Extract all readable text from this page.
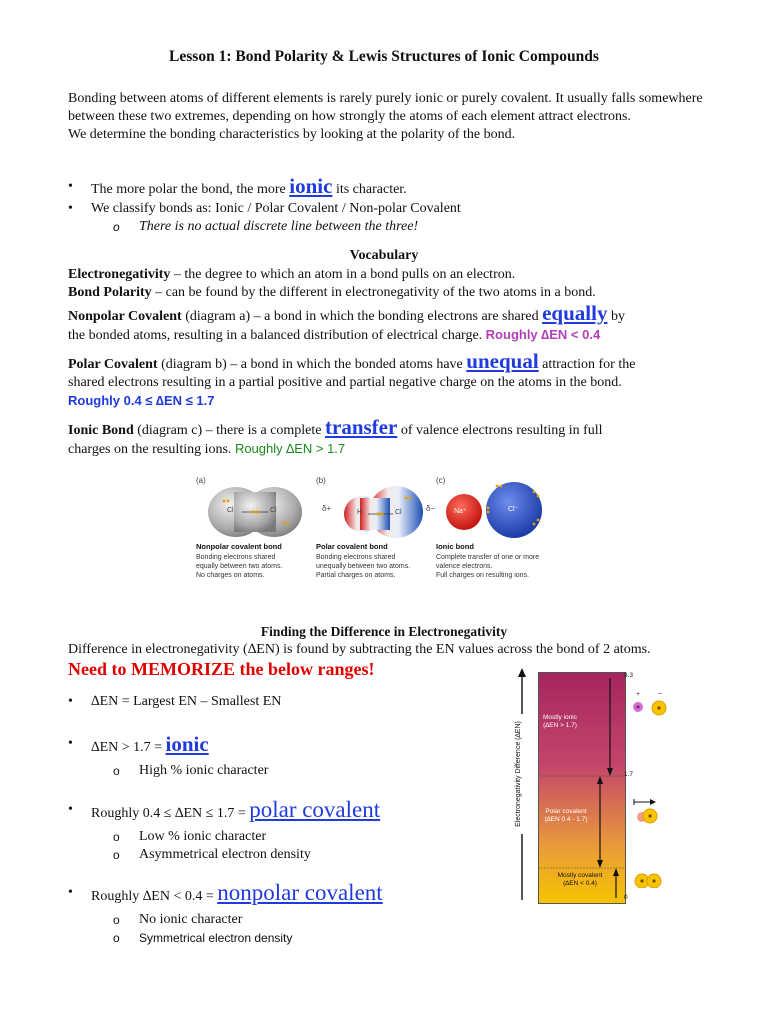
Lesson 1: Bond Polarity & Lewis Structures of Ionic Compounds
Bonding between atoms of different elements is rarely purely ionic or purely covalent. It usually falls somewhere between these two extremes, depending on how strongly the atoms of each element attract electrons.
We determine the bonding characteristics by looking at the polarity of the bond.
• The more polar the bond, the more ionic its character.
• We classify bonds as: Ionic / Polar Covalent / Non-polar Covalent
o There is no actual discrete line between the three!
Vocabulary
Electronegativity – the degree to which an atom in a bond pulls on an electron.
Bond Polarity – can be found by the different in electronegativity of the two atoms in a bond.
Nonpolar Covalent (diagram a) – a bond in which the bonding electrons are shared equally by
the bonded atoms, resulting in a balanced distribution of electrical charge. Roughly ∆EN < 0.4
Polar Covalent (diagram b) – a bond in which the bonded atoms have unequal attraction for the
shared electrons resulting in a partial positive and partial negative charge on the atoms in the bond.
Roughly 0.4 ≤ ∆EN ≤ 1.7
Ionic Bond (diagram c) – there is a complete transfer of valence electrons resulting in full
charges on the resulting ions. Roughly ∆EN > 1.7
(a)
Cl	Cl
Nonpolar covalent bond
Bonding electrons shared
equally between two atoms.
No charges on atoms.
(b)
δ+	H	Cl	δ−
Polar covalent bond
Bonding electrons shared
unequally between two atoms.
Partial charges on atoms.
(c)
Na⁺	Cl⁻
Ionic bond
Complete transfer of one or more
valence electrons.
Full charges on resulting ions.
Finding the Difference in Electronegativity
Difference in electronegativity (∆EN) is found by subtracting the EN values across the bond of 2 atoms.
Need to MEMORIZE the below ranges!
• ∆EN = Largest EN – Smallest EN
• ∆EN > 1.7 = ionic
o High % ionic character
• Roughly 0.4 ≤ ∆EN ≤ 1.7 = polar covalent
o Low % ionic character
o Asymmetrical electron density
• Roughly ∆EN < 0.4 = nonpolar covalent
o No ionic character
o Symmetrical electron density
Electronegativity Difference (∆EN)
Mostly ionic
(∆EN > 1.7)
Polar covalent
(∆EN 0.4 - 1.7)
Mostly covalent
(∆EN < 0.4)
3.3
1.7
0
+	−
